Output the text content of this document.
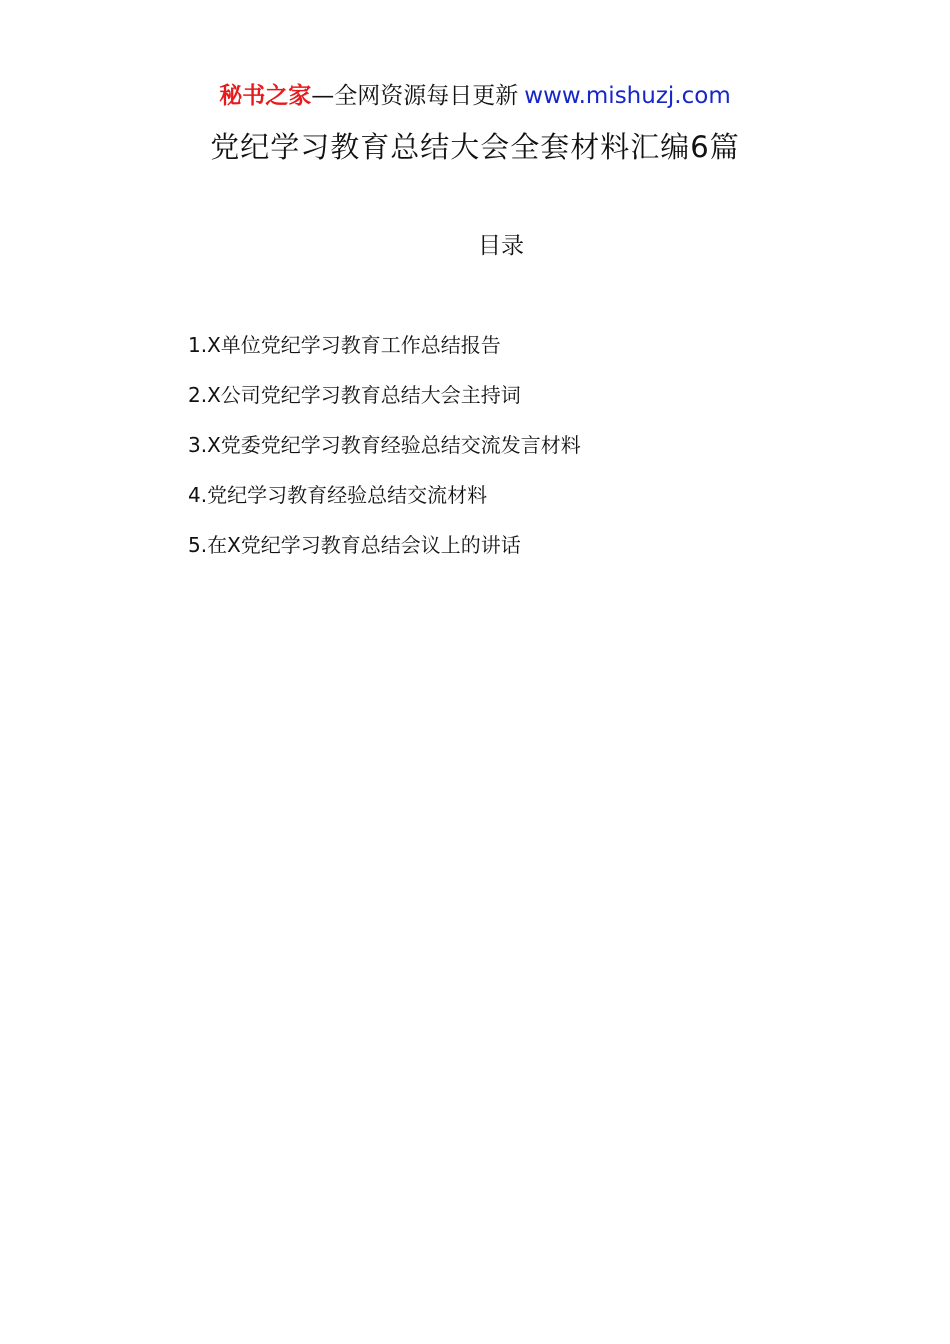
秘书之家—全网资源每日更新 www.mishuzj.com
党纪学习教育总结大会全套材料汇编6篇
目录
1.X单位党纪学习教育工作总结报告
2.X公司党纪学习教育总结大会主持词
3.X党委党纪学习教育经验总结交流发言材料
4.党纪学习教育经验总结交流材料
5.在X党纪学习教育总结会议上的讲话
